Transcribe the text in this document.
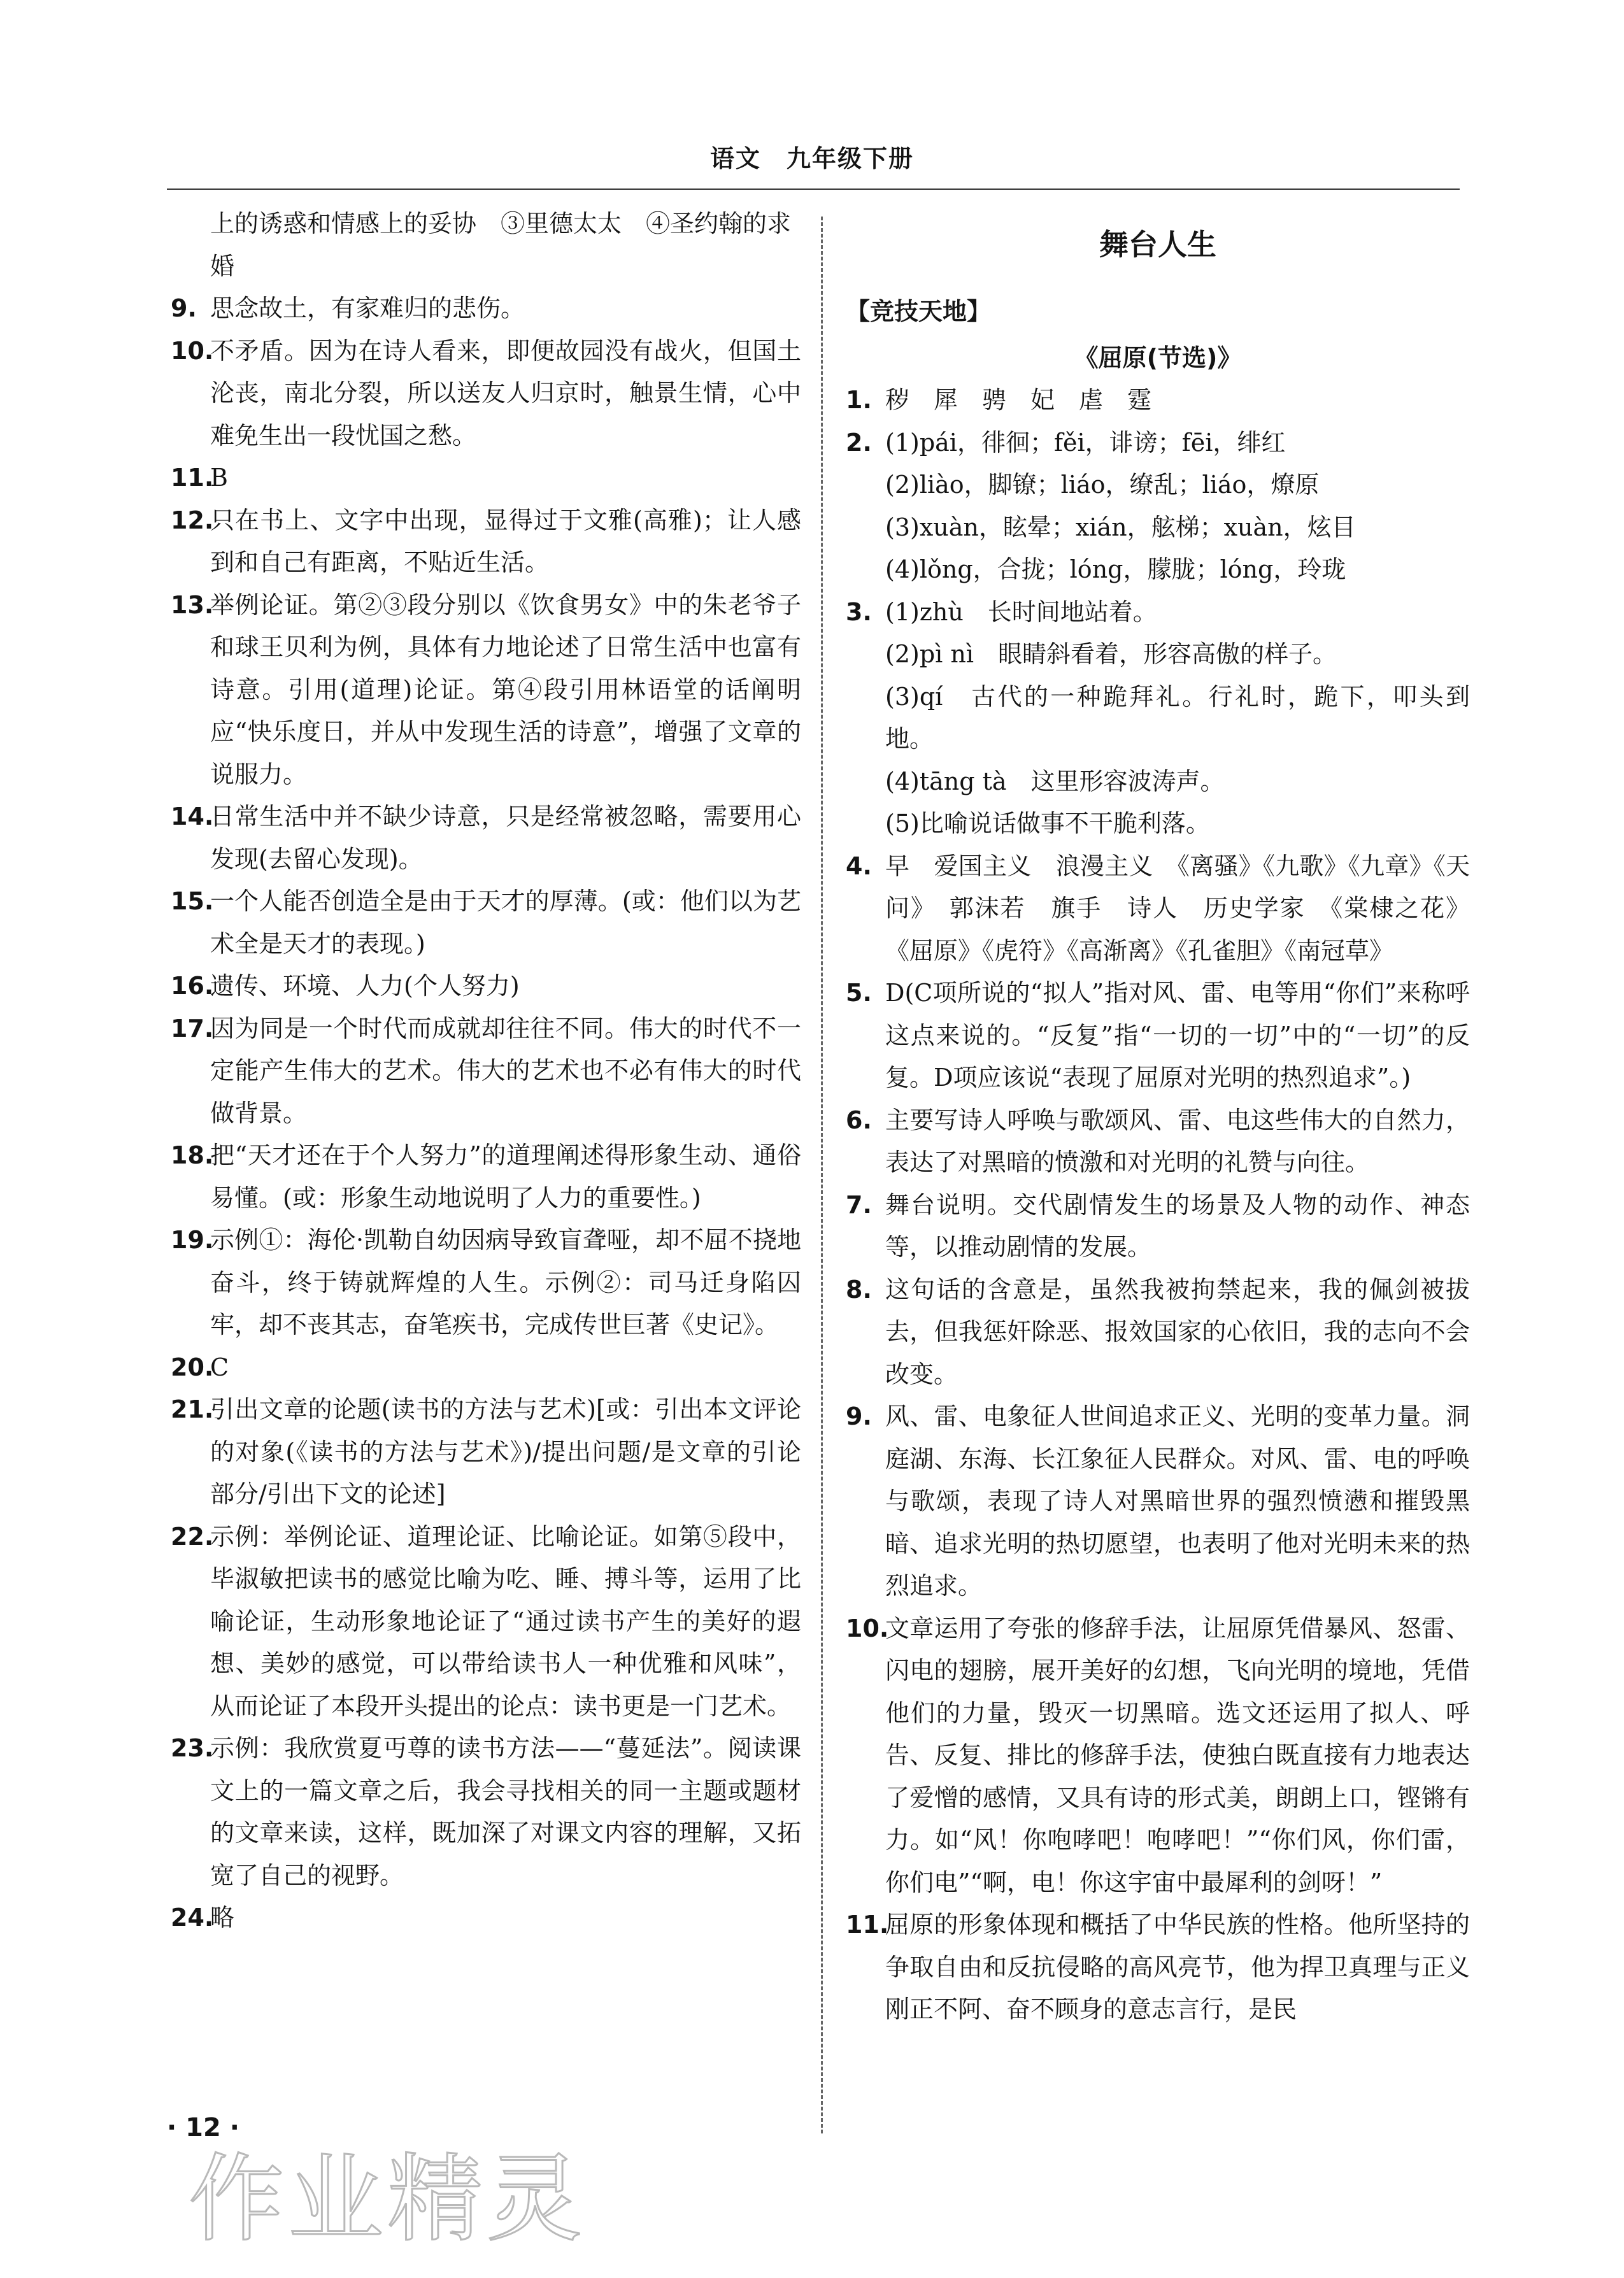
语文　九年级下册
上的诱惑和情感上的妥协　③里德太太　④圣约翰的求婚
9. 思念故土，有家难归的悲伤。
10.
不矛盾。因为在诗人看来，即便故园没有战火，但国土沦丧，南北分裂，所以送友人归京时，触景生情，心中难免生出一段忧国之愁。
11.
B
12.
只在书上、文字中出现，显得过于文雅(高雅)；让人感到和自己有距离，不贴近生活。
13.
举例论证。第②③段分别以《饮食男女》中的朱老爷子和球王贝利为例，具体有力地论述了日常生活中也富有诗意。引用(道理)论证。第④段引用林语堂的话阐明应“快乐度日，并从中发现生活的诗意”，增强了文章的说服力。
14.
日常生活中并不缺少诗意，只是经常被忽略，需要用心发现(去留心发现)。
15.
一个人能否创造全是由于天才的厚薄。(或：他们以为艺术全是天才的表现。)
16.
遗传、环境、人力(个人努力)
17.
因为同是一个时代而成就却往往不同。伟大的时代不一定能产生伟大的艺术。伟大的艺术也不必有伟大的时代做背景。
18.
把“天才还在于个人努力”的道理阐述得形象生动、通俗易懂。(或：形象生动地说明了人力的重要性。)
19.
示例①：海伦·凯勒自幼因病导致盲聋哑，却不屈不挠地奋斗，终于铸就辉煌的人生。示例②：司马迁身陷囚牢，却不丧其志，奋笔疾书，完成传世巨著《史记》。
20.
C
21.
引出文章的论题(读书的方法与艺术)[或：引出本文评论的对象(《读书的方法与艺术》)/提出问题/是文章的引论部分/引出下文的论述]
22.
示例：举例论证、道理论证、比喻论证。如第⑤段中，毕淑敏把读书的感觉比喻为吃、睡、搏斗等，运用了比喻论证，生动形象地论证了“通过读书产生的美好的遐想、美妙的感觉，可以带给读书人一种优雅和风味”，从而论证了本段开头提出的论点：读书更是一门艺术。
23.
示例：我欣赏夏丏尊的读书方法——“蔓延法”。阅读课文上的一篇文章之后，我会寻找相关的同一主题或题材的文章来读，这样，既加深了对课文内容的理解，又拓宽了自己的视野。
24.
略
舞台人生
【竞技天地】
《屈原(节选)》
1. 秽　犀　骋　妃　虐　霆
2. (1)pái，徘徊；fěi，诽谤；fēi，绯红
(2)liào，脚镣；liáo，缭乱；liáo，燎原
(3)xuàn，眩晕；xián，舷梯；xuàn，炫目
(4)lǒng，合拢；lóng，朦胧；lóng，玲珑
3. (1)zhù　长时间地站着。
(2)pì nì　眼睛斜看着，形容高傲的样子。
(3)qí　古代的一种跪拜礼。行礼时，跪下，叩头到地。
(4)tāng tà　这里形容波涛声。
(5)比喻说话做事不干脆利落。
4. 早　爱国主义　浪漫主义　《离骚》《九歌》《九章》《天问》　郭沫若　旗手　诗人　历史学家　《棠棣之花》《屈原》《虎符》《高渐离》《孔雀胆》《南冠草》
5. D(C项所说的“拟人”指对风、雷、电等用“你们”来称呼这点来说的。“反复”指“一切的一切”中的“一切”的反复。D项应该说“表现了屈原对光明的热烈追求”。)
6. 主要写诗人呼唤与歌颂风、雷、电这些伟大的自然力，表达了对黑暗的愤激和对光明的礼赞与向往。
7. 舞台说明。交代剧情发生的场景及人物的动作、神态等，以推动剧情的发展。
8. 这句话的含意是，虽然我被拘禁起来，我的佩剑被拔去，但我惩奸除恶、报效国家的心依旧，我的志向不会改变。
9. 风、雷、电象征人世间追求正义、光明的变革力量。洞庭湖、东海、长江象征人民群众。对风、雷、电的呼唤与歌颂，表现了诗人对黑暗世界的强烈愤懑和摧毁黑暗、追求光明的热切愿望，也表明了他对光明未来的热烈追求。
10.
文章运用了夸张的修辞手法，让屈原凭借暴风、怒雷、闪电的翅膀，展开美好的幻想，飞向光明的境地，凭借他们的力量，毁灭一切黑暗。选文还运用了拟人、呼告、反复、排比的修辞手法，使独白既直接有力地表达了爱憎的感情，又具有诗的形式美，朗朗上口，铿锵有力。如“风！你咆哮吧！咆哮吧！”“你们风，你们雷，你们电”“啊，电！你这宇宙中最犀利的剑呀！”
11.
屈原的形象体现和概括了中华民族的性格。他所坚持的争取自由和反抗侵略的高风亮节，他为捍卫真理与正义刚正不阿、奋不顾身的意志言行，是民
· 12 ·
作业精灵
